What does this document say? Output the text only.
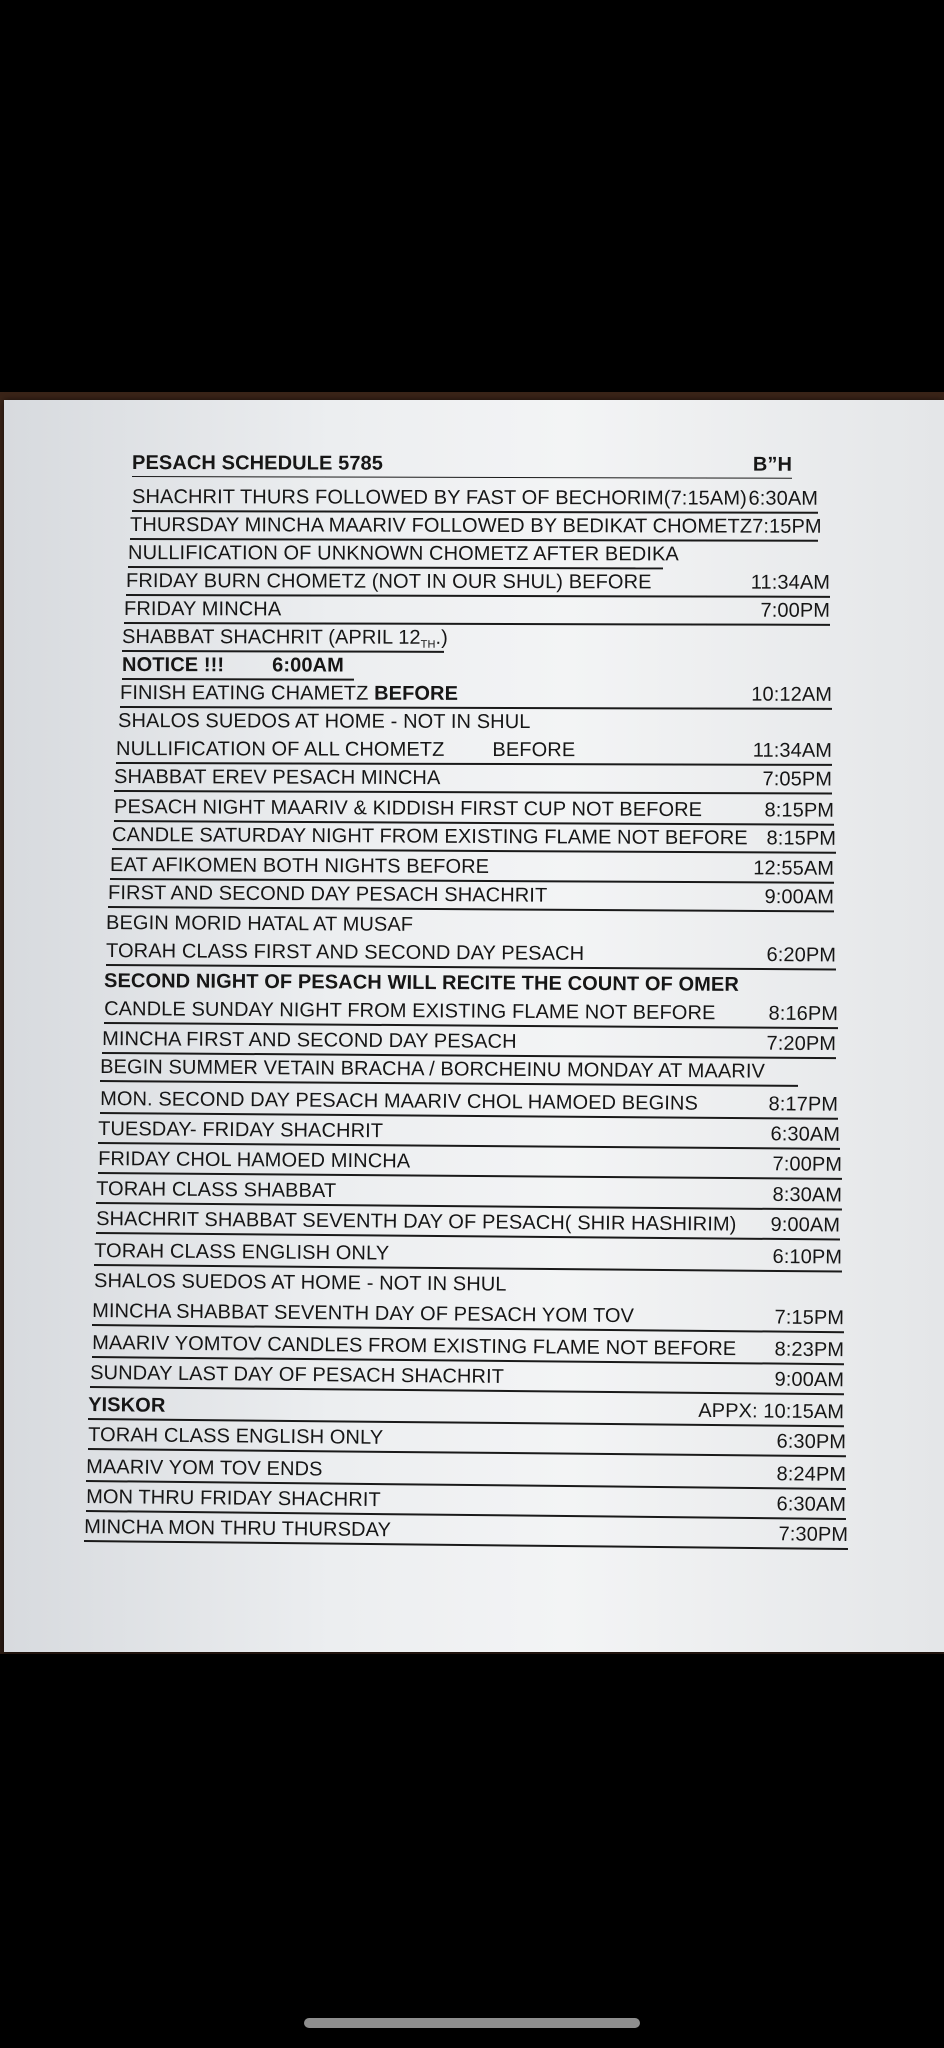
PESACH SCHEDULE 5785	B”H
SHACHRIT THURS FOLLOWED BY FAST OF BECHORIM(7:15AM) 6:30AM
THURSDAY MINCHA MAARIV FOLLOWED BY BEDIKAT CHOMETZ 7:15PM
NULLIFICATION OF UNKNOWN CHOMETZ AFTER BEDIKA
FRIDAY BURN CHOMETZ (NOT IN OUR SHUL) BEFORE	11:34AM
FRIDAY MINCHA	7:00PM
SHABBAT SHACHRIT (APRIL $12_{TH}$ .)
NOTICE !!! 6:00AM
FINISH EATING CHAMETZ BEFORE	10:12AM
SHALOS SUEDOS AT HOME - NOT IN SHUL
NULLIFICATION OF ALL CHOMETZ BEFORE	11:34AM
SHABBAT EREV PESACH MINCHA	7:05PM
PESACH NIGHT MAARIV & KIDDISH FIRST CUP NOT BEFORE	8:15PM
CANDLE SATURDAY NIGHT FROM EXISTING FLAME NOT BEFORE 8:15PM
EAT AFIKOMEN BOTH NIGHTS BEFORE	12:55AM
FIRST AND SECOND DAY PESACH SHACHRIT	9:00AM
BEGIN MORID HATAL AT MUSAF
TORAH CLASS FIRST AND SECOND DAY PESACH	6:20PM
SECOND NIGHT OF PESACH WILL RECITE THE COUNT OF OMER
CANDLE SUNDAY NIGHT FROM EXISTING FLAME NOT BEFORE	8:16PM
MINCHA FIRST AND SECOND DAY PESACH	7:20PM
BEGIN SUMMER VETAIN BRACHA / BORCHEINU MONDAY AT MAARIV
MON. SECOND DAY PESACH MAARIV CHOL HAMOED BEGINS	8:17PM
TUESDAY- FRIDAY SHACHRIT	6:30AM
FRIDAY CHOL HAMOED MINCHA	7:00PM
TORAH CLASS SHABBAT	8:30AM
SHACHRIT SHABBAT SEVENTH DAY OF PESACH( SHIR HASHIRIM) 9:00AM
TORAH CLASS ENGLISH ONLY	6:10PM
SHALOS SUEDOS AT HOME - NOT IN SHUL
MINCHA SHABBAT SEVENTH DAY OF PESACH YOM TOV	7:15PM
MAARIV YOMTOV CANDLES FROM EXISTING FLAME NOT BEFORE 8:23PM
SUNDAY LAST DAY OF PESACH SHACHRIT	9:00AM
YISKOR	APPX: 10:15AM
TORAH CLASS ENGLISH ONLY	6:30PM
MAARIV YOM TOV ENDS	8:24PM
MON THRU FRIDAY SHACHRIT	6:30AM
MINCHA MON THRU THURSDAY	7:30PM
